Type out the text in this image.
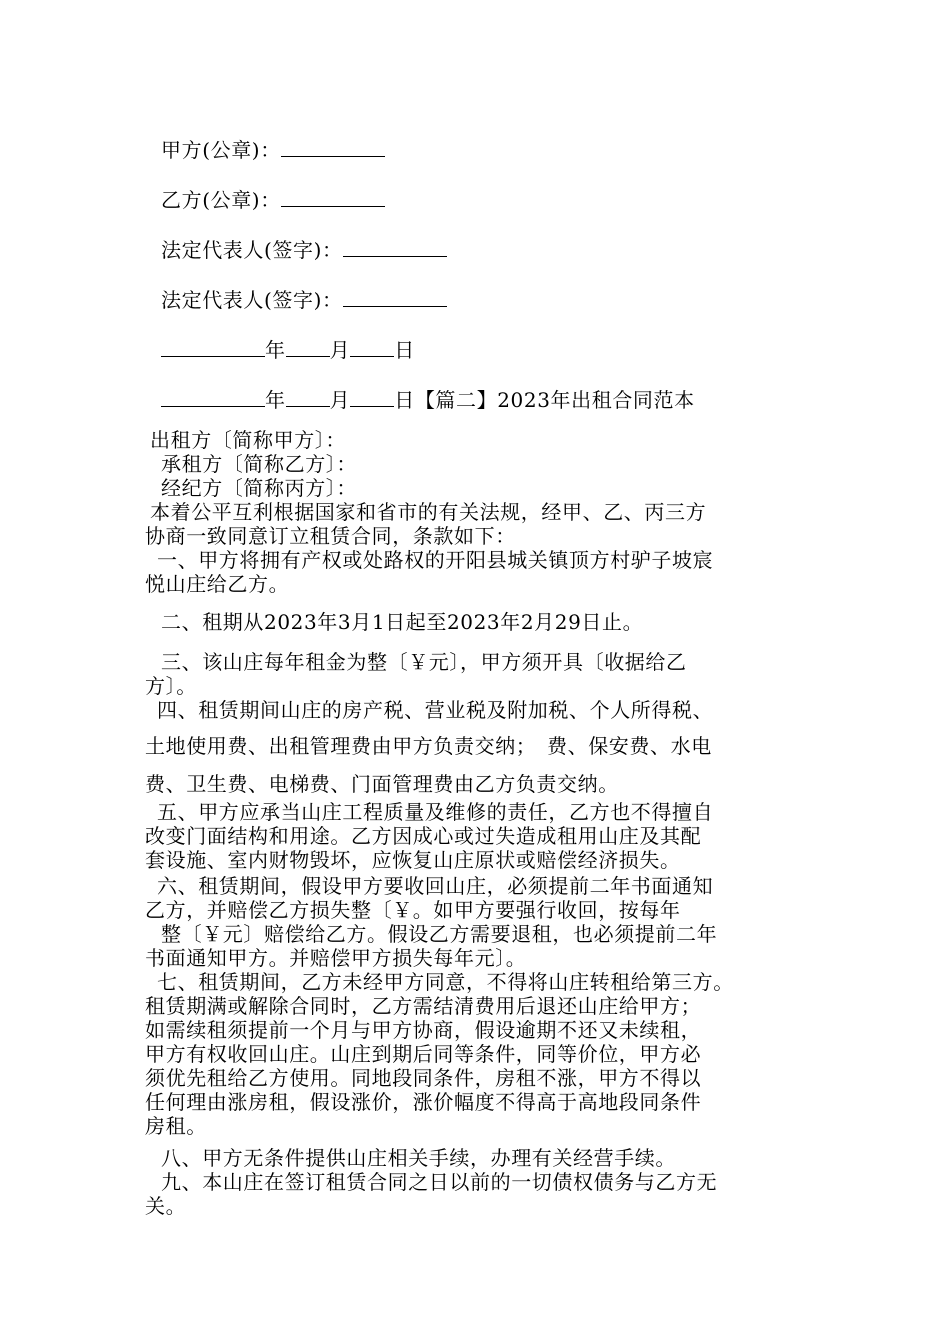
甲方(公章)：
乙方(公章)：
法定代表人(签字)：
法定代表人(签字)：
年 月 日
年 月 日【篇二】2023年出租合同范本
出租方〔简称甲方〕：
承租方〔简称乙方〕：
经纪方〔简称丙方〕：
本着公平互利根据国家和省市的有关法规，经甲、乙、丙三方
协商一致同意订立租赁合同，条款如下：
一、甲方将拥有产权或处路权的开阳县城关镇顶方村驴子坡宸
悦山庄给乙方。
二、租期从2023年3月1日起至2023年2月29日止。
三、该山庄每年租金为整〔￥元〕，甲方须开具〔收据给乙
方〕。
四、租赁期间山庄的房产税、营业税及附加税、个人所得税、
土地使用费、出租管理费由甲方负责交纳；　费、保安费、水电
费、卫生费、电梯费、门面管理费由乙方负责交纳。
五、甲方应承当山庄工程质量及维修的责任，乙方也不得擅自
改变门面结构和用途。乙方因成心或过失造成租用山庄及其配
套设施、室内财物毁坏，应恢复山庄原状或赔偿经济损失。
六、租赁期间，假设甲方要收回山庄，必须提前二年书面通知
乙方，并赔偿乙方损失整〔￥。如甲方要强行收回，按每年
整〔￥元〕赔偿给乙方。假设乙方需要退租，也必须提前二年
书面通知甲方。并赔偿甲方损失每年元〕。
七、租赁期间，乙方未经甲方同意，不得将山庄转租给第三方。
租赁期满或解除合同时，乙方需结清费用后退还山庄给甲方；
如需续租须提前一个月与甲方协商，假设逾期不还又未续租，
甲方有权收回山庄。山庄到期后同等条件，同等价位，甲方必
须优先租给乙方使用。同地段同条件，房租不涨，甲方不得以
任何理由涨房租，假设涨价，涨价幅度不得高于高地段同条件
房租。
八、甲方无条件提供山庄相关手续，办理有关经营手续。
九、本山庄在签订租赁合同之日以前的一切债权债务与乙方无
关。
